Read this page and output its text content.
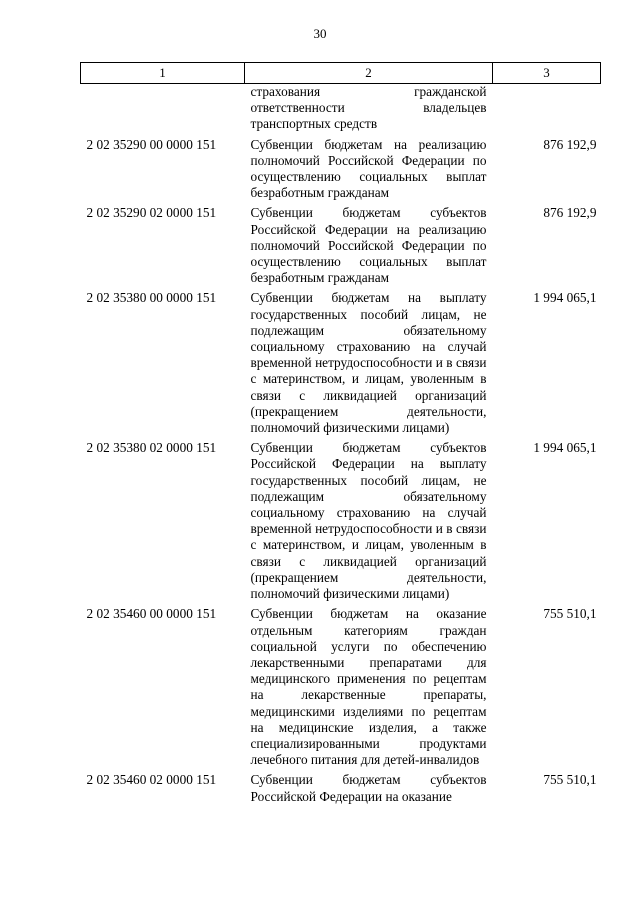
30
1	2	3
	страхования гражданской ответственности владельцев транспортных средств	
2 02 35290 00 0000 151	Субвенции бюджетам на реализацию полномочий Российской Федерации по осуществлению социальных выплат безработным гражданам	876 192,9
2 02 35290 02 0000 151	Субвенции бюджетам субъектов Российской Федерации на реализацию полномочий Российской Федерации по осуществлению социальных выплат безработным гражданам	876 192,9
2 02 35380 00 0000 151	Субвенции бюджетам на выплату государственных пособий лицам, не подлежащим обязательному социальному страхованию на случай временной нетрудоспособности и в связи с материнством, и лицам, уволенным в связи с ликвидацией организаций (прекращением деятельности, полномочий физическими лицами)	1 994 065,1
2 02 35380 02 0000 151	Субвенции бюджетам субъектов Российской Федерации на выплату государственных пособий лицам, не подлежащим обязательному социальному страхованию на случай временной нетрудоспособности и в связи с материнством, и лицам, уволенным в связи с ликвидацией организаций (прекращением деятельности, полномочий физическими лицами)	1 994 065,1
2 02 35460 00 0000 151	Субвенции бюджетам на оказание отдельным категориям граждан социальной услуги по обеспечению лекарственными препаратами для медицинского применения по рецептам на лекарственные препараты, медицинскими изделиями по рецептам на медицинские изделия, а также специализированными продуктами лечебного питания для детей-инвалидов	755 510,1
2 02 35460 02 0000 151	Субвенции бюджетам субъектов Российской Федерации на оказание	755 510,1
